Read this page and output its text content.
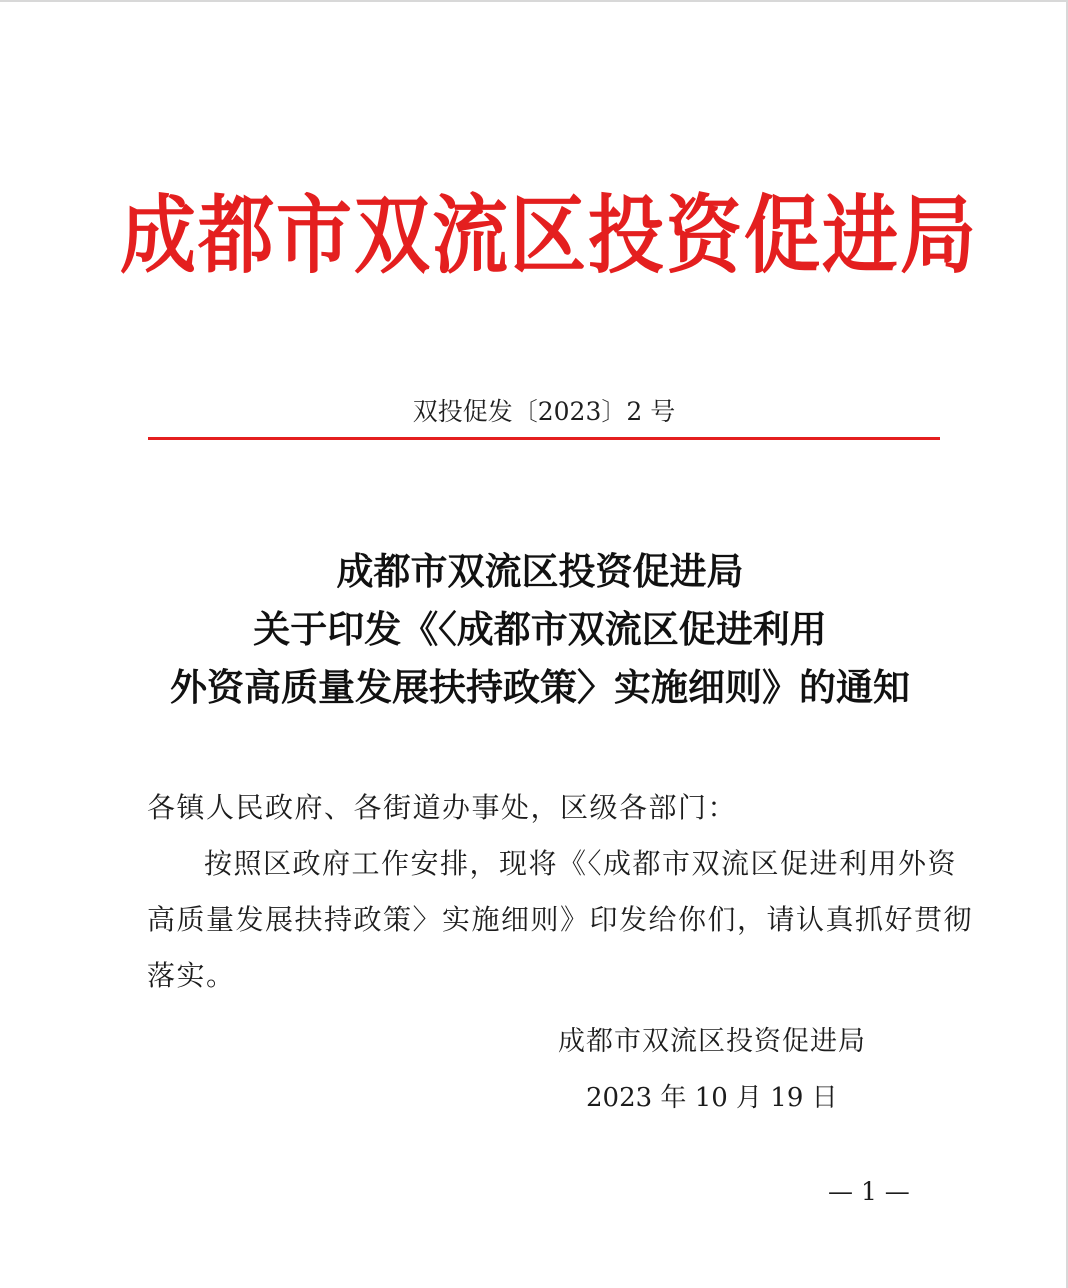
成都市双流区投资促进局
双投促发〔2023〕2 号
成都市双流区投资促进局
关于印发《〈成都市双流区促进利用
外资高质量发展扶持政策〉实施细则》的通知
各镇人民政府、各街道办事处，区级各部门：
按照区政府工作安排，现将《〈成都市双流区促进利用外资
高质量发展扶持政策〉实施细则》印发给你们，请认真抓好贯彻
落实。
成都市双流区投资促进局
2023 年 10 月 19 日
— 1 —
